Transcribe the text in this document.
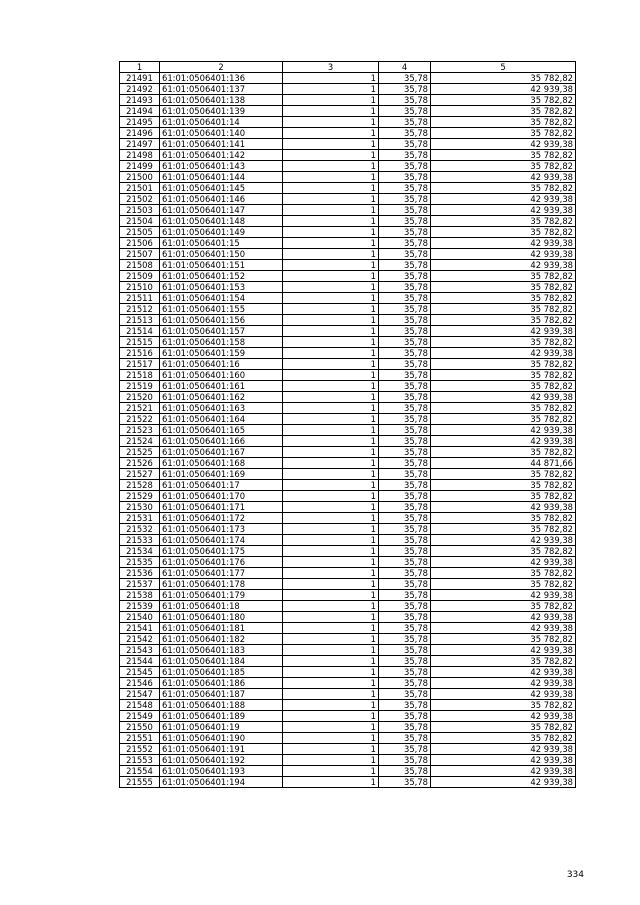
1	2	3	4	5
21491	61:01:0506401:136	1	35,78	35 782,82
21492	61:01:0506401:137	1	35,78	42 939,38
21493	61:01:0506401:138	1	35,78	35 782,82
21494	61:01:0506401:139	1	35,78	35 782,82
21495	61:01:0506401:14	1	35,78	35 782,82
21496	61:01:0506401:140	1	35,78	35 782,82
21497	61:01:0506401:141	1	35,78	42 939,38
21498	61:01:0506401:142	1	35,78	35 782,82
21499	61:01:0506401:143	1	35,78	35 782,82
21500	61:01:0506401:144	1	35,78	42 939,38
21501	61:01:0506401:145	1	35,78	35 782,82
21502	61:01:0506401:146	1	35,78	42 939,38
21503	61:01:0506401:147	1	35,78	42 939,38
21504	61:01:0506401:148	1	35,78	35 782,82
21505	61:01:0506401:149	1	35,78	35 782,82
21506	61:01:0506401:15	1	35,78	42 939,38
21507	61:01:0506401:150	1	35,78	42 939,38
21508	61:01:0506401:151	1	35,78	42 939,38
21509	61:01:0506401:152	1	35,78	35 782,82
21510	61:01:0506401:153	1	35,78	35 782,82
21511	61:01:0506401:154	1	35,78	35 782,82
21512	61:01:0506401:155	1	35,78	35 782,82
21513	61:01:0506401:156	1	35,78	35 782,82
21514	61:01:0506401:157	1	35,78	42 939,38
21515	61:01:0506401:158	1	35,78	35 782,82
21516	61:01:0506401:159	1	35,78	42 939,38
21517	61:01:0506401:16	1	35,78	35 782,82
21518	61:01:0506401:160	1	35,78	35 782,82
21519	61:01:0506401:161	1	35,78	35 782,82
21520	61:01:0506401:162	1	35,78	42 939,38
21521	61:01:0506401:163	1	35,78	35 782,82
21522	61:01:0506401:164	1	35,78	35 782,82
21523	61:01:0506401:165	1	35,78	42 939,38
21524	61:01:0506401:166	1	35,78	42 939,38
21525	61:01:0506401:167	1	35,78	35 782,82
21526	61:01:0506401:168	1	35,78	44 871,66
21527	61:01:0506401:169	1	35,78	35 782,82
21528	61:01:0506401:17	1	35,78	35 782,82
21529	61:01:0506401:170	1	35,78	35 782,82
21530	61:01:0506401:171	1	35,78	42 939,38
21531	61:01:0506401:172	1	35,78	35 782,82
21532	61:01:0506401:173	1	35,78	35 782,82
21533	61:01:0506401:174	1	35,78	42 939,38
21534	61:01:0506401:175	1	35,78	35 782,82
21535	61:01:0506401:176	1	35,78	42 939,38
21536	61:01:0506401:177	1	35,78	35 782,82
21537	61:01:0506401:178	1	35,78	35 782,82
21538	61:01:0506401:179	1	35,78	42 939,38
21539	61:01:0506401:18	1	35,78	35 782,82
21540	61:01:0506401:180	1	35,78	42 939,38
21541	61:01:0506401:181	1	35,78	42 939,38
21542	61:01:0506401:182	1	35,78	35 782,82
21543	61:01:0506401:183	1	35,78	42 939,38
21544	61:01:0506401:184	1	35,78	35 782,82
21545	61:01:0506401:185	1	35,78	42 939,38
21546	61:01:0506401:186	1	35,78	42 939,38
21547	61:01:0506401:187	1	35,78	42 939,38
21548	61:01:0506401:188	1	35,78	35 782,82
21549	61:01:0506401:189	1	35,78	42 939,38
21550	61:01:0506401:19	1	35,78	35 782,82
21551	61:01:0506401:190	1	35,78	35 782,82
21552	61:01:0506401:191	1	35,78	42 939,38
21553	61:01:0506401:192	1	35,78	42 939,38
21554	61:01:0506401:193	1	35,78	42 939,38
21555	61:01:0506401:194	1	35,78	42 939,38
334
